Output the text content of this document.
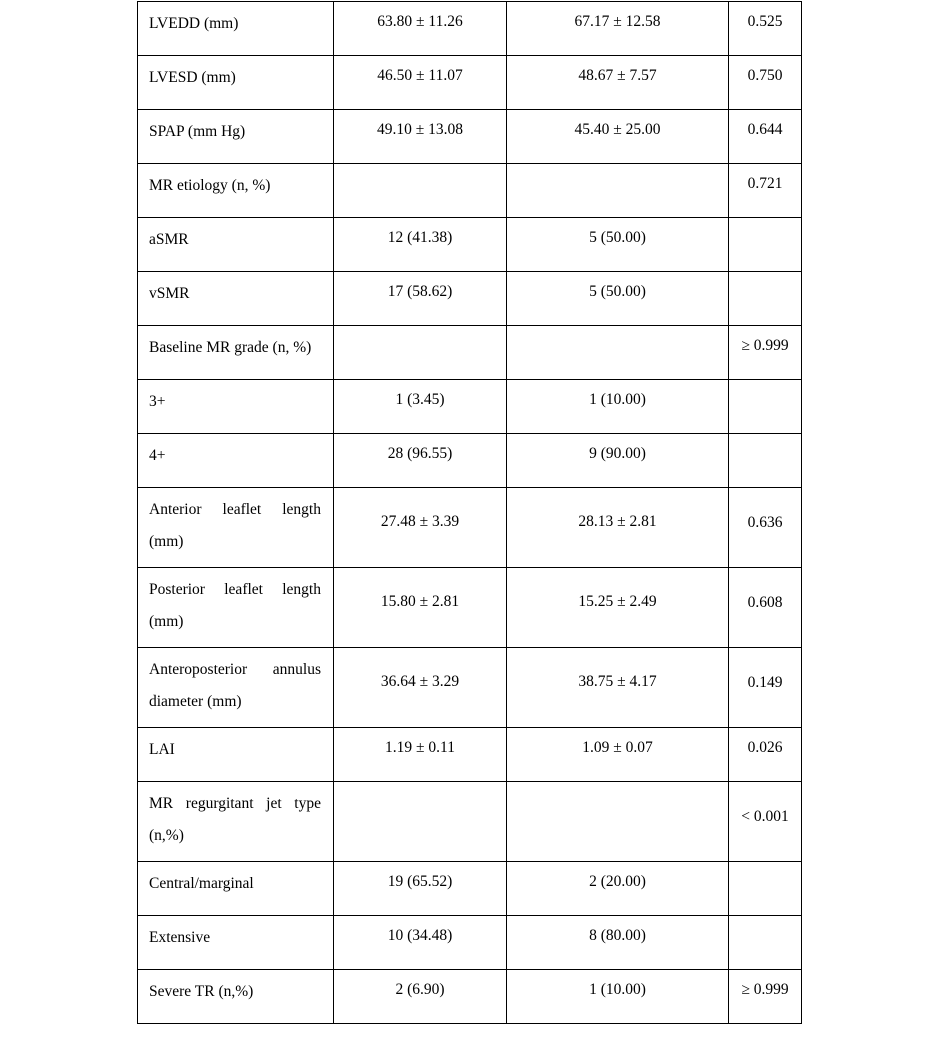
LVEDD (mm)	63.80 ± 11.26	67.17 ± 12.58	0.525

LVESD (mm)	46.50 ± 11.07	48.67 ± 7.57	0.750

SPAP (mm Hg)	49.10 ± 13.08	45.40 ± 25.00	0.644

MR etiology (n, %)			0.721

aSMR	12 (41.38)	5 (50.00)	

vSMR	17 (58.62)	5 (50.00)	

Baseline MR grade (n, %)			≥ 0.999

3+	1 (3.45)	1 (10.00)	

4+	28 (96.55)	9 (90.00)	

Anterior leaflet length
(mm)	27.48 ± 3.39	28.13 ± 2.81	0.636

Posterior leaflet length
(mm)	15.80 ± 2.81	15.25 ± 2.49	0.608

Anteroposterior annulus
diameter (mm)	36.64 ± 3.29	38.75 ± 4.17	0.149

LAI	1.19 ± 0.11	1.09 ± 0.07	0.026

MR regurgitant jet type
(n,%)			< 0.001

Central/marginal	19 (65.52)	2 (20.00)	

Extensive	10 (34.48)	8 (80.00)	

Severe TR (n,%)	2 (6.90)	1 (10.00)	≥ 0.999
